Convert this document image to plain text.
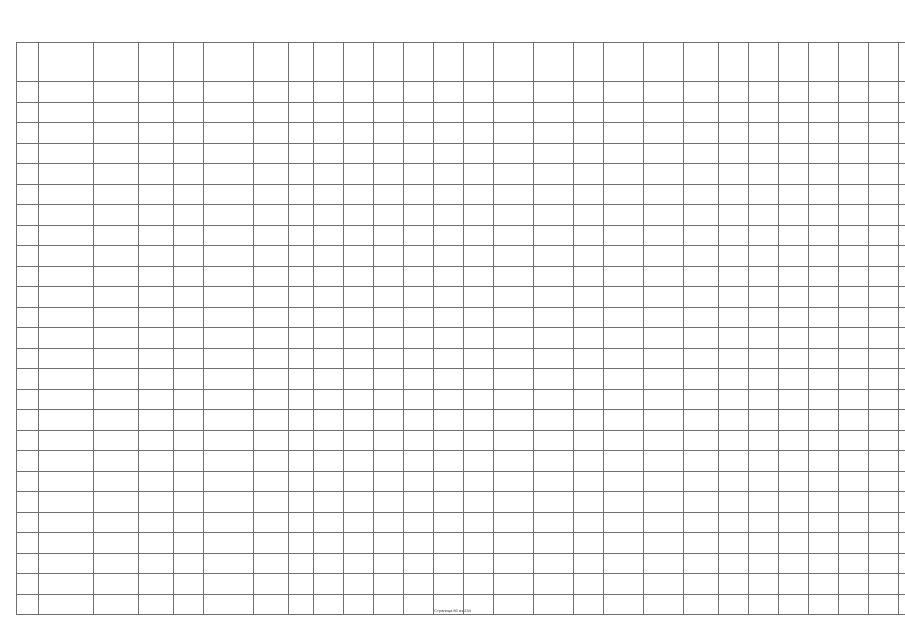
Страница 80 из 234
